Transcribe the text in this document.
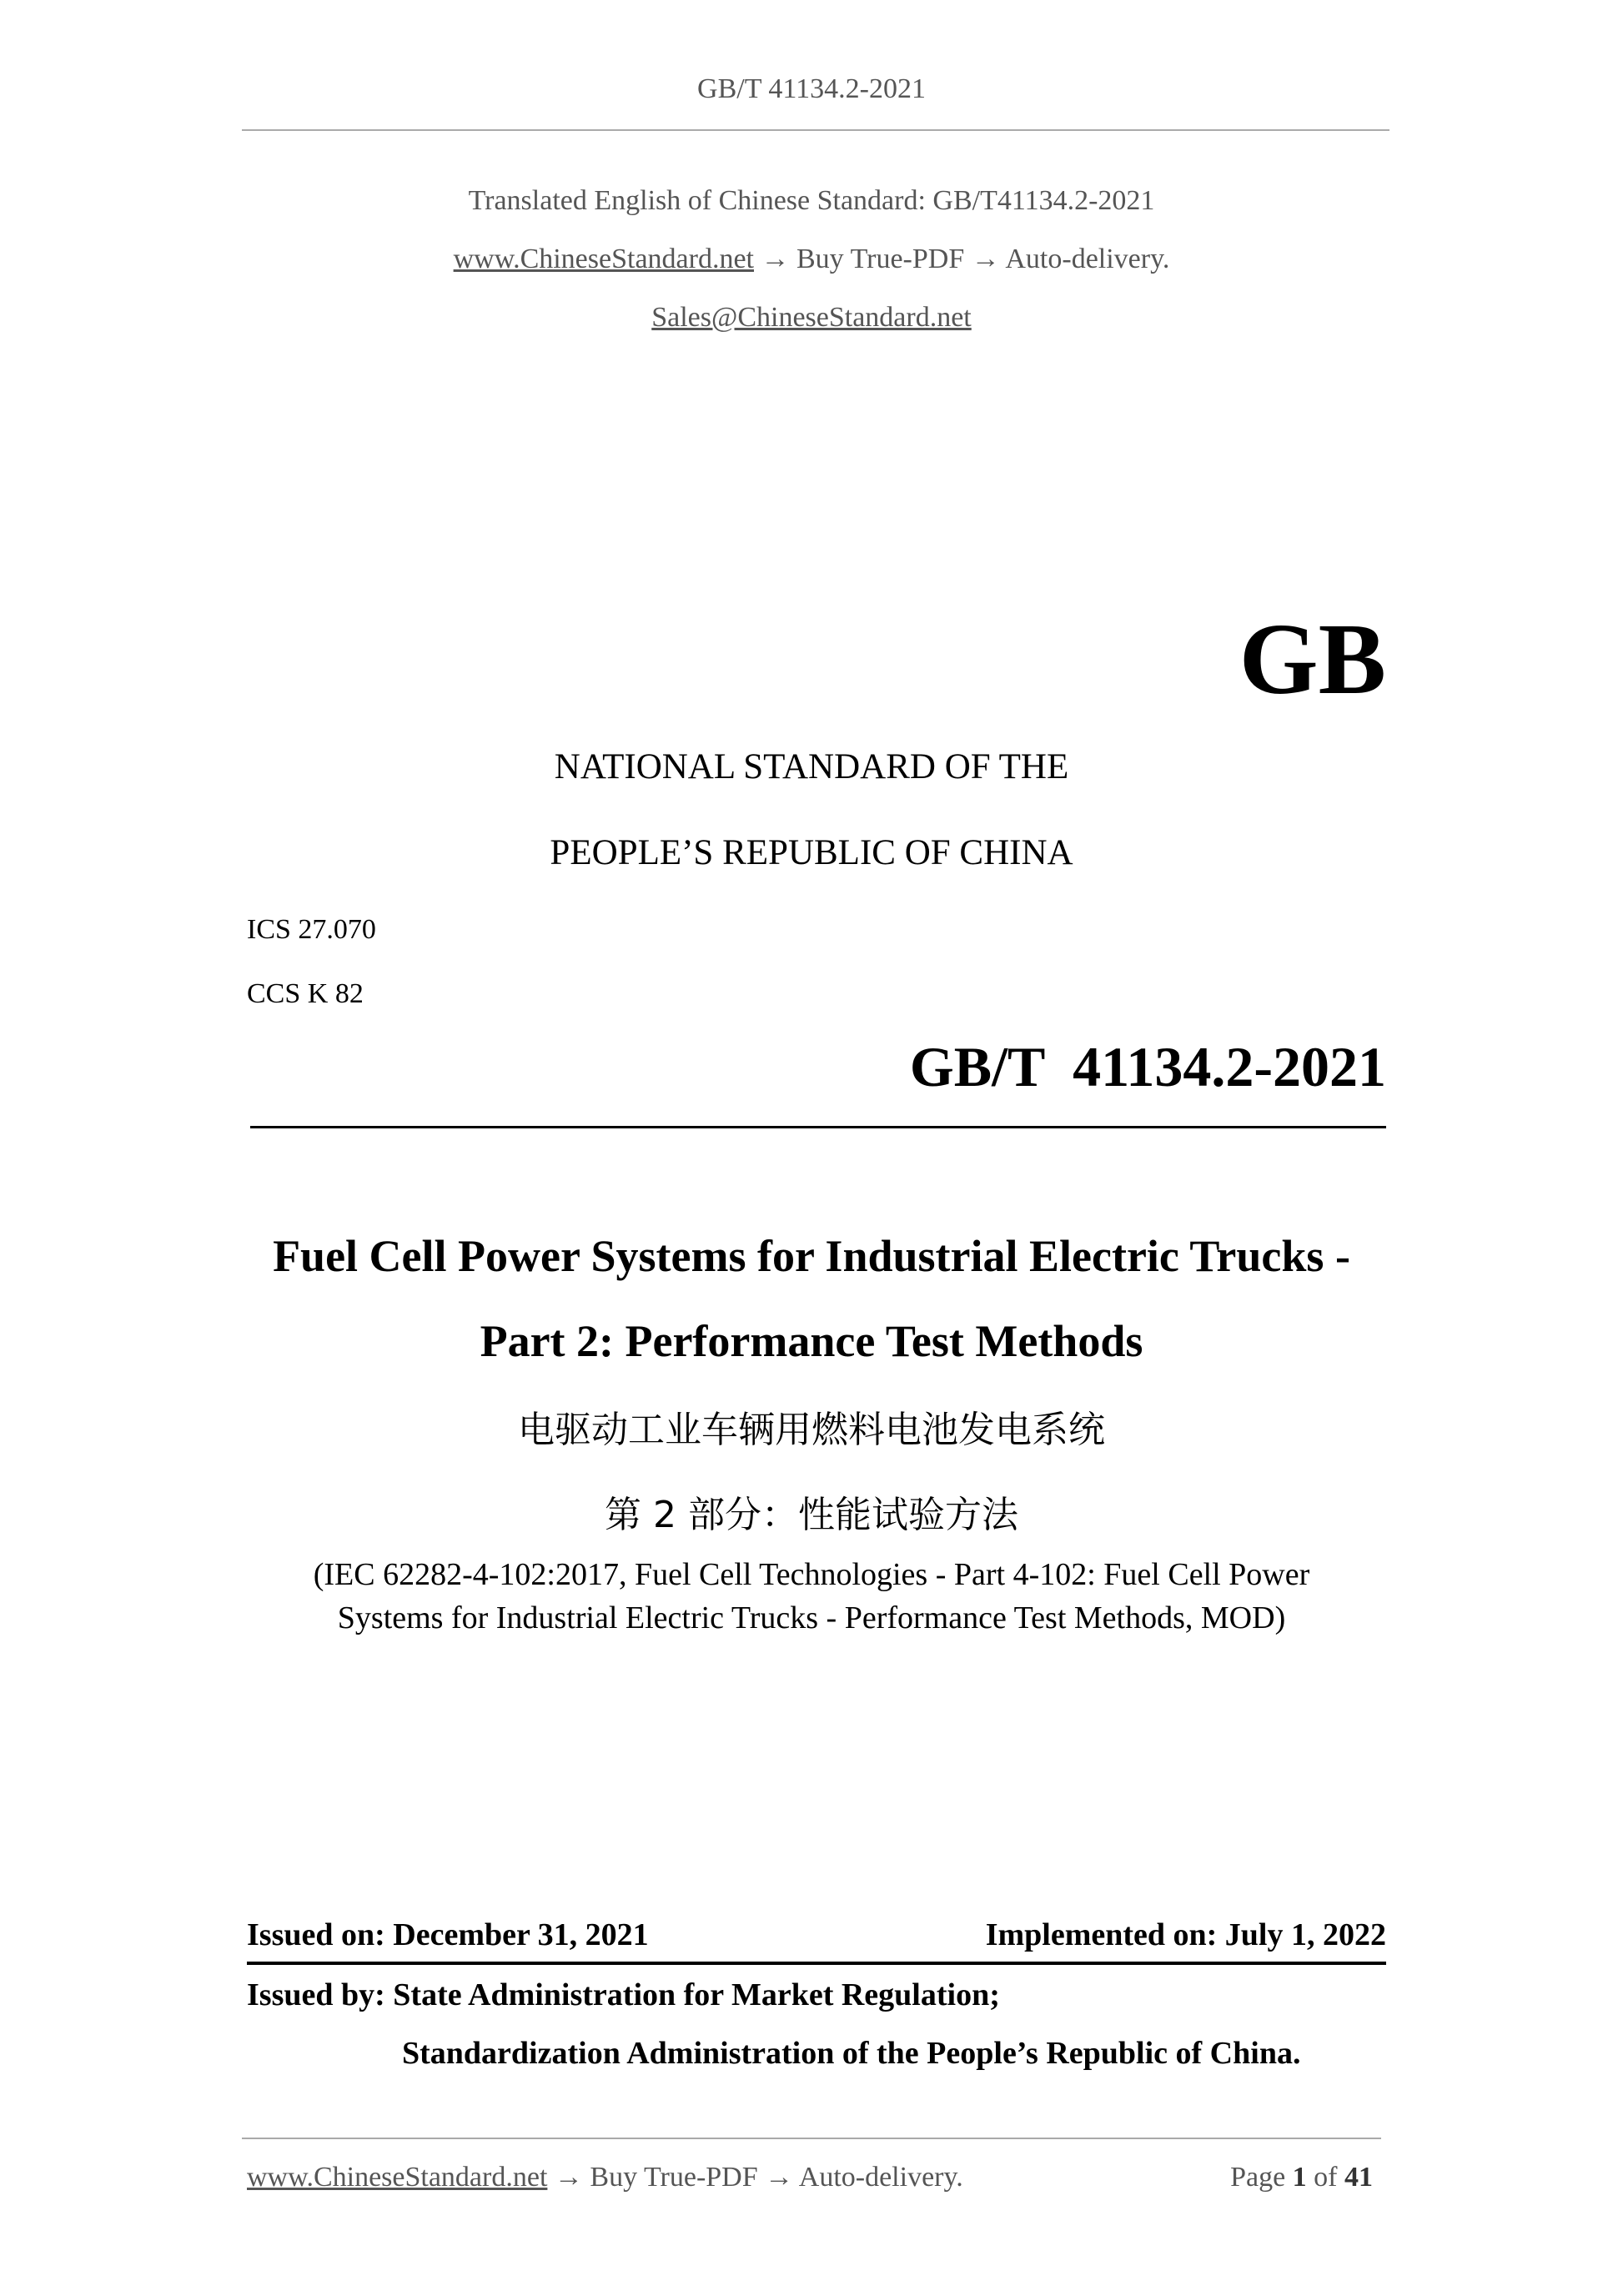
GB/T 41134.2-2021
Translated English of Chinese Standard: GB/T41134.2-2021
www.ChineseStandard.net → Buy True-PDF → Auto-delivery.
Sales@ChineseStandard.net
GB
NATIONAL STANDARD OF THE
PEOPLE’S REPUBLIC OF CHINA
ICS 27.070
CCS K 82
GB/T  41134.2-2021
Fuel Cell Power Systems for Industrial Electric Trucks -
Part 2: Performance Test Methods
电驱动工业车辆用燃料电池发电系统
第 2 部分：性能试验方法
(IEC 62282-4-102:2017, Fuel Cell Technologies - Part 4-102: Fuel Cell Power
Systems for Industrial Electric Trucks - Performance Test Methods, MOD)
Issued on: December 31, 2021	Implemented on: July 1, 2022
Issued by: State Administration for Market Regulation;
Standardization Administration of the People’s Republic of China.
www.ChineseStandard.net → Buy True-PDF → Auto-delivery.	Page 1 of 41
